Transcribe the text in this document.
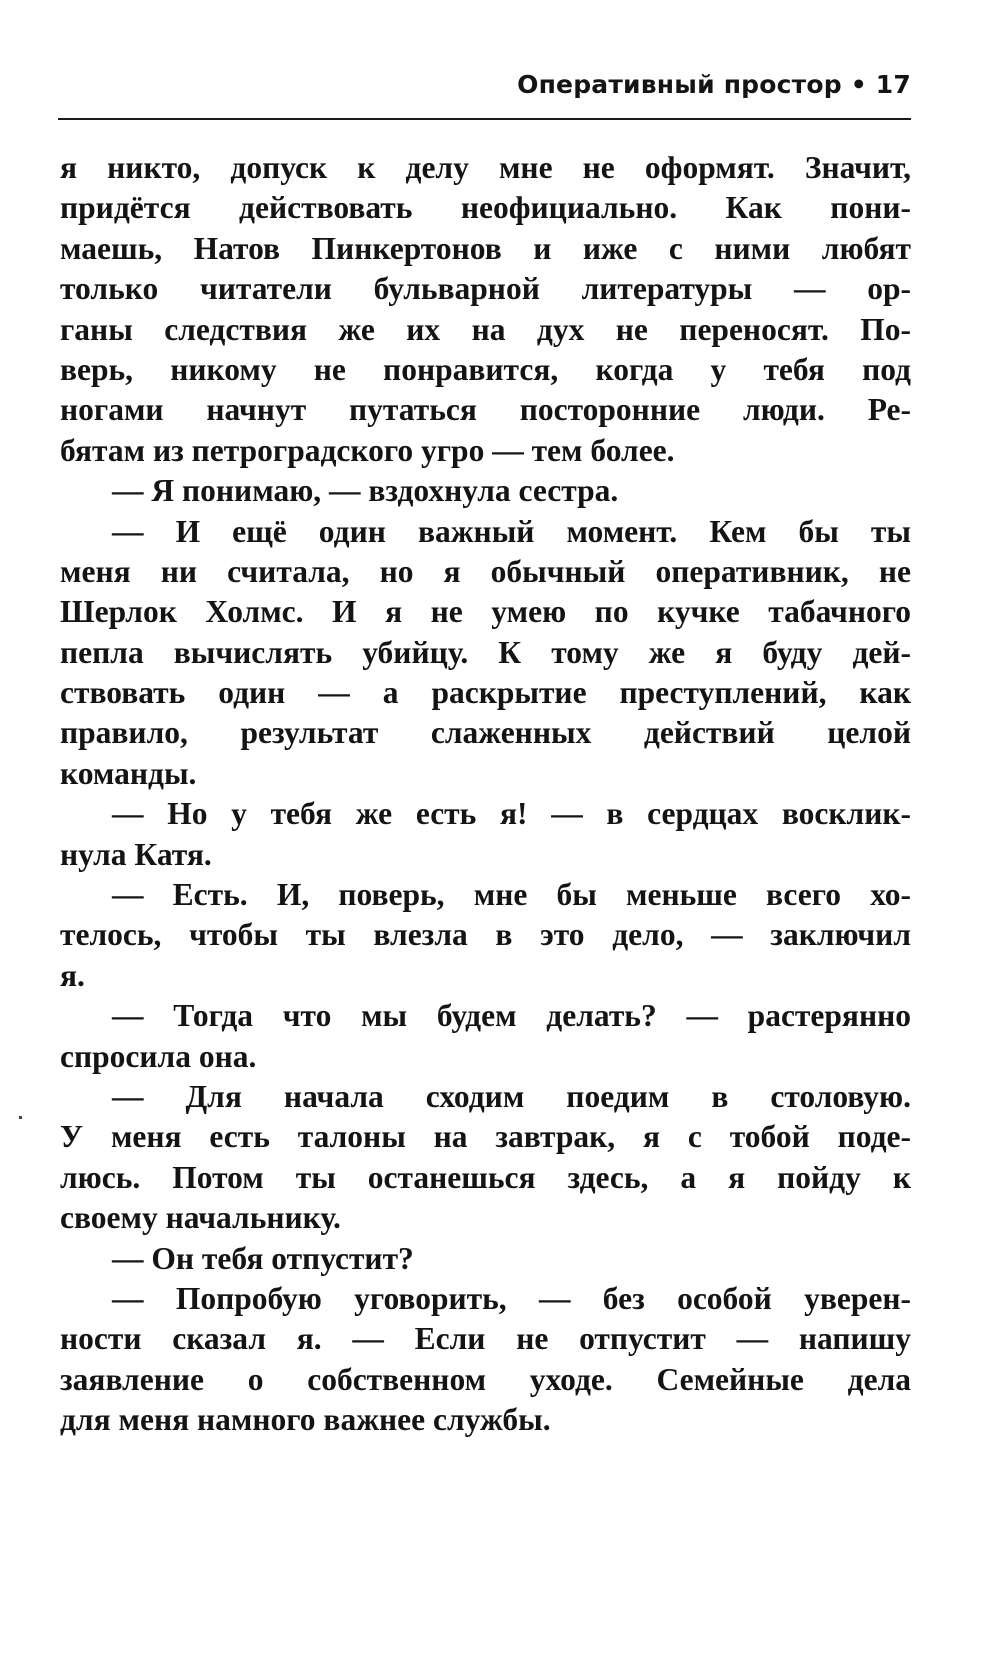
Оперативный простор • 17
я никто, допуск к делу мне не оформят. Значит,
придётся действовать неофициально. Как пони-
маешь, Натов Пинкертонов и иже с ними любят
только читатели бульварной литературы — ор-
ганы следствия же их на дух не переносят. По-
верь, никому не понравится, когда у тебя под
ногами начнут путаться посторонние люди. Ре-
бятам из петроградского угро — тем более.
— Я понимаю, — вздохнула сестра.
— И ещё один важный момент. Кем бы ты
меня ни считала, но я обычный оперативник, не
Шерлок Холмс. И я не умею по кучке табачного
пепла вычислять убийцу. К тому же я буду дей-
ствовать один — а раскрытие преступлений, как
правило, результат слаженных действий целой
команды.
— Но у тебя же есть я! — в сердцах восклик-
нула Катя.
— Есть. И, поверь, мне бы меньше всего хо-
телось, чтобы ты влезла в это дело, — заключил
я.
— Тогда что мы будем делать? — растерянно
спросила она.
— Для начала сходим поедим в столовую.
У меня есть талоны на завтрак, я с тобой поде-
люсь. Потом ты останешься здесь, а я пойду к
своему начальнику.
— Он тебя отпустит?
— Попробую уговорить, — без особой уверен-
ности сказал я. — Если не отпустит — напишу
заявление о собственном уходе. Семейные дела
для меня намного важнее службы.
